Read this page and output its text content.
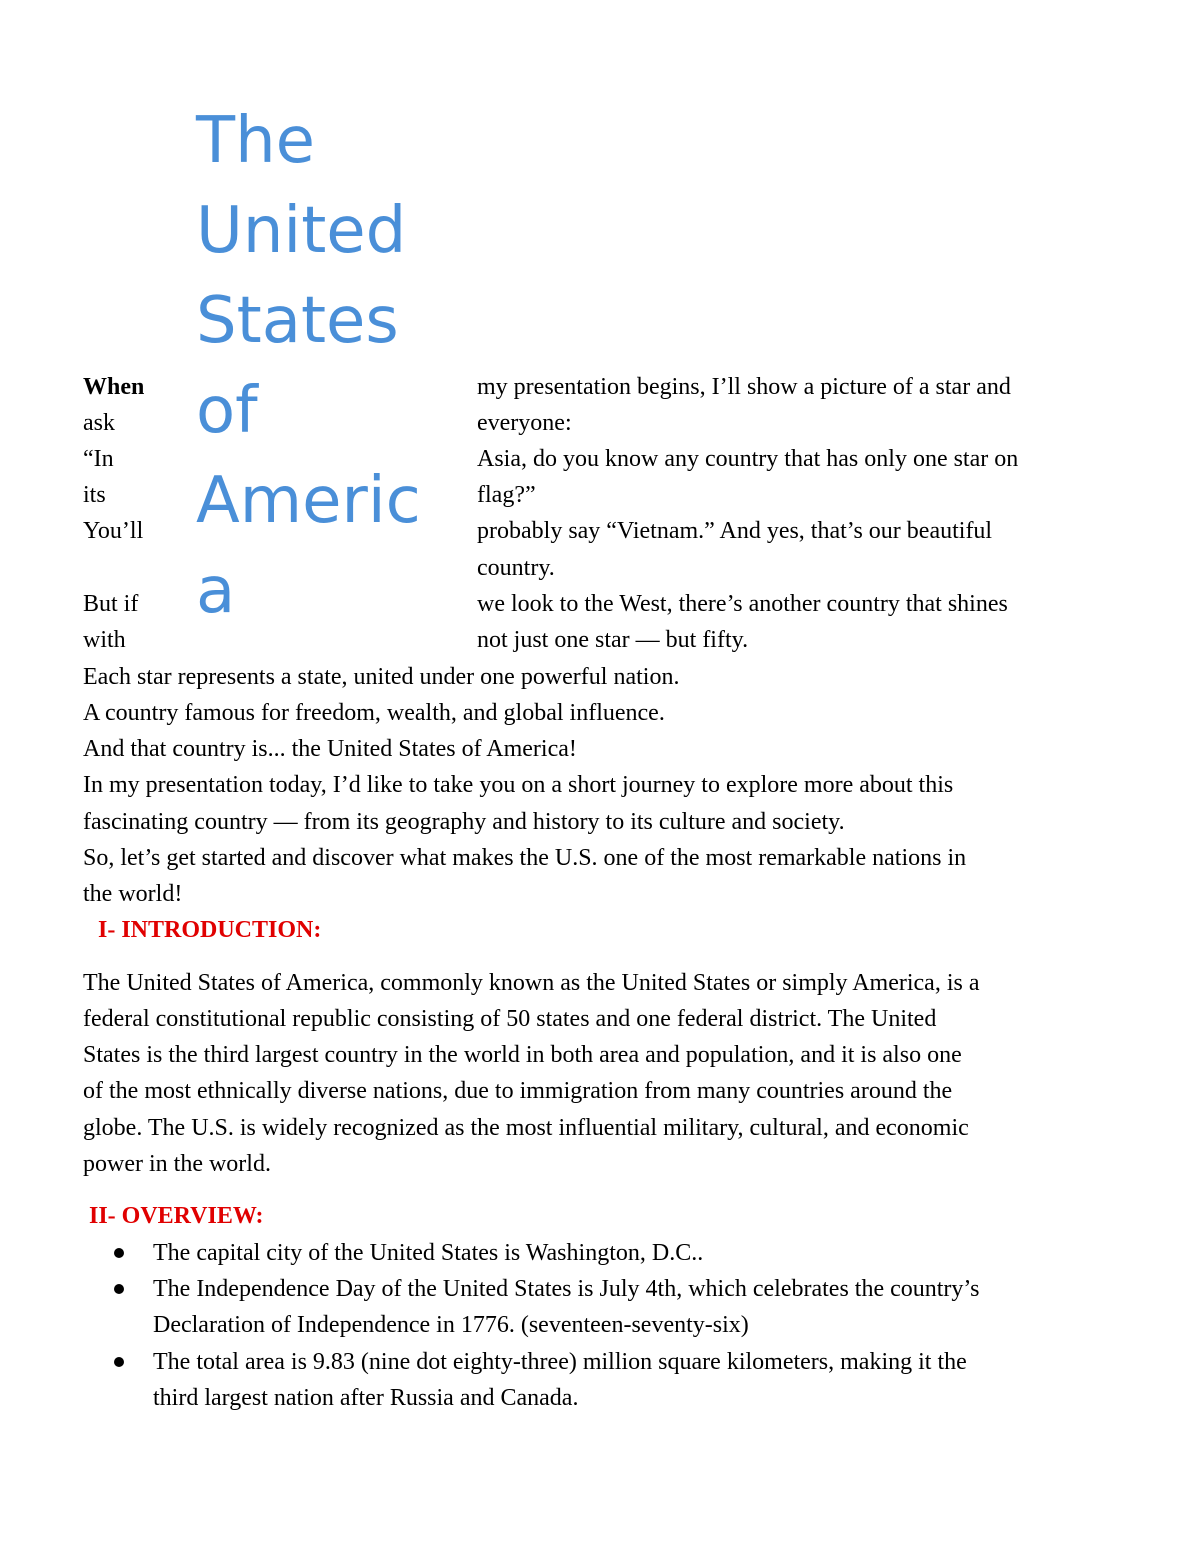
The
United
States
of
Americ
a
When
ask
“In
its
You’ll
But if
with
my presentation begins, I’ll show a picture of a star and
everyone:
Asia, do you know any country that has only one star on
flag?”
probably say “Vietnam.” And yes, that’s our beautiful
country.
we look to the West, there’s another country that shines
not just one star — but fifty.
Each star represents a state, united under one powerful nation.
A country famous for freedom, wealth, and global influence.
And that country is... the United States of America!
In my presentation today, I’d like to take you on a short journey to explore more about this
fascinating country — from its geography and history to its culture and society.
So, let’s get started and discover what makes the U.S. one of the most remarkable nations in
the world!
I- INTRODUCTION:
The United States of America, commonly known as the United States or simply America, is a
federal constitutional republic consisting of 50 states and one federal district. The United
States is the third largest country in the world in both area and population, and it is also one
of the most ethnically diverse nations, due to immigration from many countries around the
globe. The U.S. is widely recognized as the most influential military, cultural, and economic
power in the world.
II- OVERVIEW:
The capital city of the United States is Washington, D.C..
The Independence Day of the United States is July 4th, which celebrates the country’s
Declaration of Independence in 1776. (seventeen-seventy-six)
The total area is 9.83 (nine dot eighty-three) million square kilometers, making it the
third largest nation after Russia and Canada.
